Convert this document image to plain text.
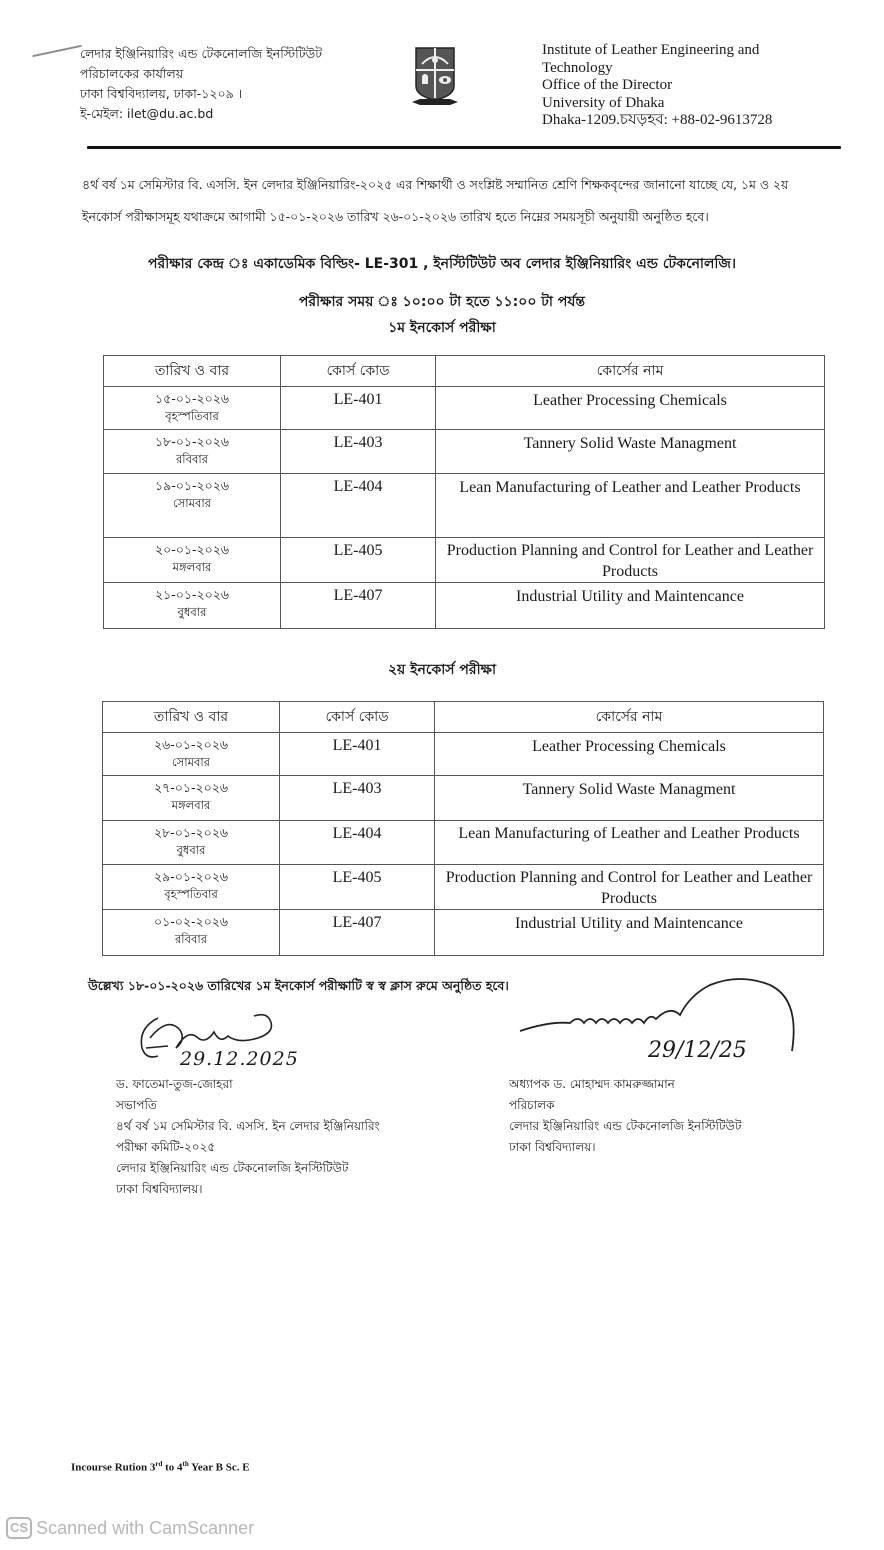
লেদার ইঞ্জিনিয়ারিং এন্ড টেকনোলজি ইনস্টিটিউট
পরিচালকের কার্যালয়
ঢাকা বিশ্ববিদ্যালয়, ঢাকা-১২০৯ ।
ই-মেইল: ilet@du.ac.bd
Institute of Leather Engineering and
Technology
Office of the Director
University of Dhaka
Dhaka-1209.চযড়হব: +88-02-9613728
৪র্থ বর্ষ ১ম সেমিস্টার বি. এসসি. ইন লেদার ইঞ্জিনিয়ারিং-২০২৫ এর শিক্ষার্থী ও সংশ্লিষ্ট সম্মানিত শ্রেণি শিক্ষকবৃন্দের জানানো যাচ্ছে যে, ১ম ও ২য়
ইনকোর্স পরীক্ষাসমূহ যথাক্রমে আগামী ১৫-০১-২০২৬ তারিখ ২৬-০১-২০২৬ তারিখ হতে নিম্নের সময়সূচী অনুযায়ী অনুষ্ঠিত হবে।
পরীক্ষার কেন্দ্র ঃ একাডেমিক বিল্ডিং- LE-301 , ইনস্টিটিউট অব লেদার ইঞ্জিনিয়ারিং এন্ড টেকনোলজি।
পরীক্ষার সময় ঃ ১০:০০ টা হতে ১১:০০ টা পর্যন্ত
১ম ইনকোর্স পরীক্ষা
তারিখ ও বার	কোর্স কোড	কোর্সের নাম

১৫-০১-২০২৬
বৃহস্পতিবার	LE-401	Leather Processing Chemicals

১৮-০১-২০২৬
রবিবার	LE-403	Tannery Solid Waste Managment

১৯-০১-২০২৬
সোমবার	LE-404	Lean Manufacturing of Leather and Leather Products

২০-০১-২০২৬
মঙ্গলবার	LE-405	Production Planning and Control for Leather and Leather Products

২১-০১-২০২৬
বুধবার	LE-407	Industrial Utility and Maintencance
২য় ইনকোর্স পরীক্ষা
তারিখ ও বার	কোর্স কোড	কোর্সের নাম

২৬-০১-২০২৬
সোমবার	LE-401	Leather Processing Chemicals

২৭-০১-২০২৬
মঙ্গলবার	LE-403	Tannery Solid Waste Managment

২৮-০১-২০২৬
বুধবার	LE-404	Lean Manufacturing of Leather and Leather Products

২৯-০১-২০২৬
বৃহস্পতিবার	LE-405	Production Planning and Control for Leather and Leather Products

০১-০২-২০২৬
রবিবার	LE-407	Industrial Utility and Maintencance
উল্লেখ্য ১৮-০১-২০২৬ তারিখের ১ম ইনকোর্স পরীক্ষাটি স্ব স্ব ক্লাস রুমে অনুষ্ঠিত হবে।
29.12.2025
ড. ফাতেমা-তুজ-জোহরা
সভাপতি
৪র্থ বর্ষ ১ম সেমিস্টার বি. এসসি. ইন লেদার ইঞ্জিনিয়ারিং
পরীক্ষা কমিটি-২০২৫
লেদার ইঞ্জিনিয়ারিং এন্ড টেকনোলজি ইনস্টিটিউট
ঢাকা বিশ্ববিদ্যালয়।
29/12/25
অধ্যাপক ড. মোহাম্মদ কামরুজ্জামান
পরিচালক
লেদার ইঞ্জিনিয়ারিং এন্ড টেকনোলজি ইনস্টিটিউট
ঢাকা বিশ্ববিদ্যালয়।
Incourse Rution 3rd to 4th Year B Sc. E
CS Scanned with CamScanner
